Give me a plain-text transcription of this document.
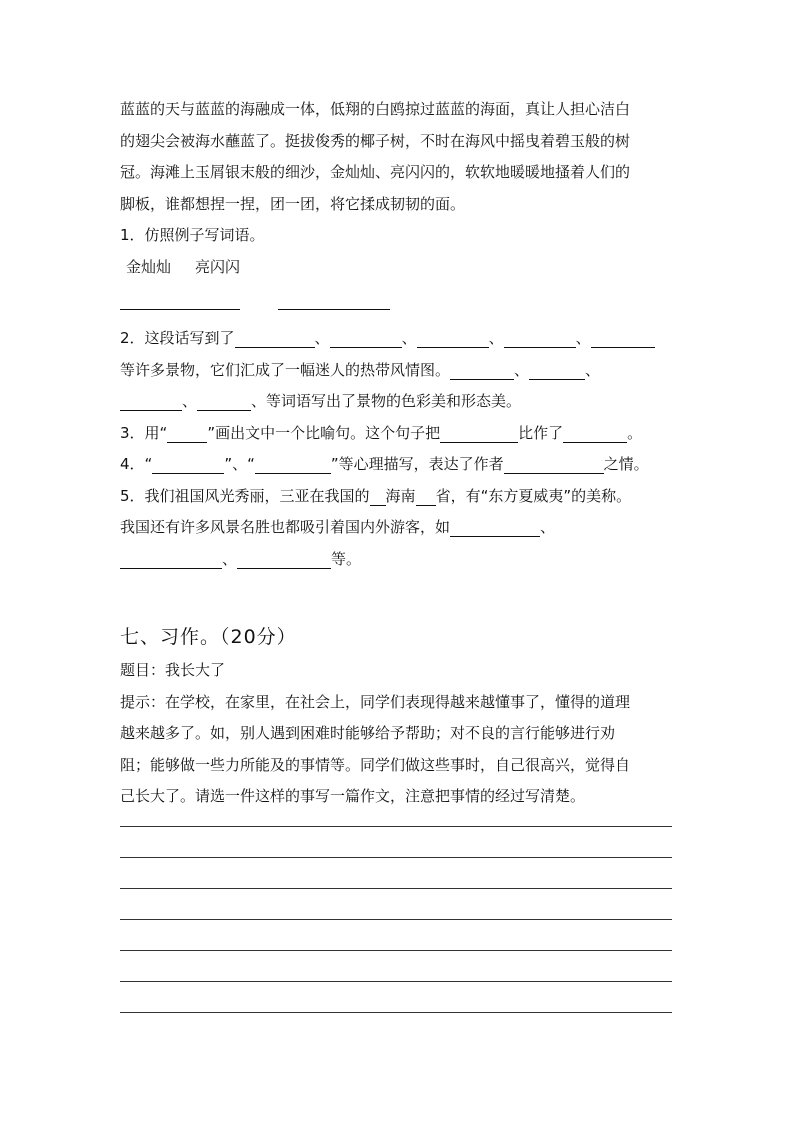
蓝蓝的天与蓝蓝的海融成一体，低翔的白鸥掠过蓝蓝的海面，真让人担心洁白
的翅尖会被海水蘸蓝了。挺拔俊秀的椰子树，不时在海风中摇曳着碧玉般的树
冠。海滩上玉屑银末般的细沙，金灿灿、亮闪闪的，软软地暖暖地搔着人们的
脚板，谁都想捏一捏，团一团，将它揉成韧韧的面。
1．仿照例子写词语。
金灿灿 亮闪闪
2．这段话写到了	、	、	、	、
等许多景物，它们汇成了一幅迷人的热带风情图。	、	、
、	、等词语写出了景物的色彩美和形态美。
3．用“	”画出文中一个比喻句。这个句子把	比作了	。
4．“	”、“	”等心理描写，表达了作者	之情。
5．我们祖国风光秀丽，三亚在我国的 海南 省，有“东方夏威夷”的美称。
我国还有许多风景名胜也都吸引着国内外游客，如	、
、	等。
七、习作。（20分）
题目：我长大了
提示：在学校，在家里，在社会上，同学们表现得越来越懂事了，懂得的道理
越来越多了。如，别人遇到困难时能够给予帮助；对不良的言行能够进行劝
阻；能够做一些力所能及的事情等。同学们做这些事时，自己很高兴，觉得自
己长大了。请选一件这样的事写一篇作文，注意把事情的经过写清楚。
